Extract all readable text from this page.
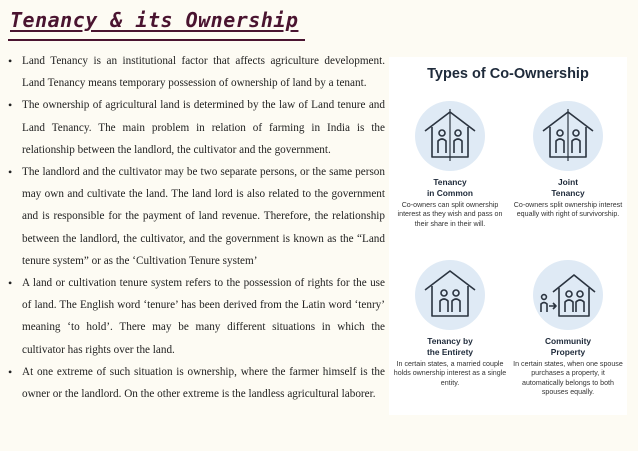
Tenancy & its Ownership
• Land Tenancy is an institutional factor that affects agriculture development. Land Tenancy means temporary possession of ownership of land by a tenant.
• The ownership of agricultural land is determined by the law of Land tenure and Land Tenancy. The main problem in relation of farming in India is the relationship between the landlord, the cultivator and the government.
• The landlord and the cultivator may be two separate persons, or the same person may own and cultivate the land. The land lord is also related to the government and is responsible for the payment of land revenue. Therefore, the relationship between the landlord, the cultivator, and the government is known as the “Land tenure system” or as the ‘Cultivation Tenure system’
• A land or cultivation tenure system refers to the possession of rights for the use of land. The English word ‘tenure’ has been derived from the Latin word ‘tenry’ meaning ‘to hold’. There may be many different situations in which the cultivator has rights over the land.
• At one extreme of such situation is ownership, where the farmer himself is the owner or the landlord. On the other extreme is the landless agricultural laborer.
Types of Co-Ownership
Tenancy
in Common
Co-owners can split ownership interest as they wish and pass on their share in their will.
Joint
Tenancy
Co-owners split ownership interest equally with right of survivorship.
Tenancy by
the Entirety
In certain states, a married couple holds ownership interest as a single entity.
Community
Property
In certain states, when one spouse purchases a property, it automatically belongs to both spouses equally.
